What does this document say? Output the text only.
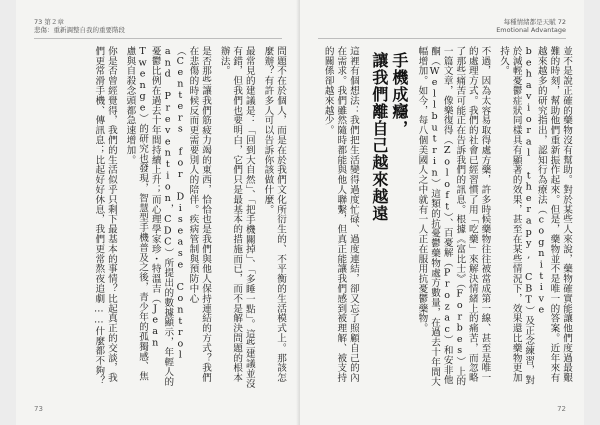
73 第２章
悲傷：重新調整自我的重要階段

問題不在於個人，而是在於我們文化所衍生的、不平衡的生活模式上。那該怎麼辦？有許多人可以告訴你該做什麼。

最常見的建議是：「回到大自然」、「把手機關掉」、「多睡一點」。這些建議並沒有錯，但我們也要明白，它們只是最基本的措施而已，而不是解決問題的根本辦法。

是否那些讓我們筋疲力竭的東西，恰恰也是我們與他人保持連結的方式？我們在悲傷的時候反而更需要別人的陪伴。疾病管制與預防中心（Centers for Disease Control and Prevention，CDC）所提出的數據顯示，年輕人的憂鬱比例在過去十年間持續上升；而心理學家珍・特溫吉（Jean Twenge）的研究也發現，智慧型手機普及之後，青少年的孤獨感、焦慮與自殺念頭都急速增加。

你是否曾經覺得，我們的生活似乎只剩下最基本的事情？比起真正的交談，我們更常滑手機、傳訊息；比起好好休息，我們更常熬夜追劇……什麼都不夠？

73
每種情緒都是天賦 72
Emotional Advantage

並不是說正確的藥物沒有幫助。對於某些人來說，藥物確實能讓他們度過最艱難的時刻，幫助他們重新振作起來。但是，藥物並不是唯一的答案。近年來有越來越多的研究指出，認知行為療法（cognitive behavioral therapy, CBT）及正念練習，對於減輕憂鬱症狀同樣具有顯著的效果，甚至在某些情況下，效果還比藥物更加持久。

不過，因為太容易取得處方藥，許多時候藥物往往被當成第一線、甚至是唯一的處理方式。我們的社會已經習慣了用「吃藥」來解決情緒上的痛苦，而忽略了那些痛苦可能正在告訴我們的訊息。根據《富比士》（Forbes）上的一篇文章，像樂復得（Zoloft）、百憂解（Prozac）和安非他酮（Wellbutrin）這類的抗憂鬱藥物處方數量，在過去十年間大幅增加。如今，每八個美國人之中就有一人正在服用抗憂鬱藥物。

手機成癮，
讓我們離自己越來越遠

這裡有個想法：我們把生活變得過度忙碌、過度連結，卻又忘了照顧自己的內在需求。我們雖然隨時都能與他人聯繫，但真正能讓我們感到被理解、被支持的關係卻越來越少。

72
